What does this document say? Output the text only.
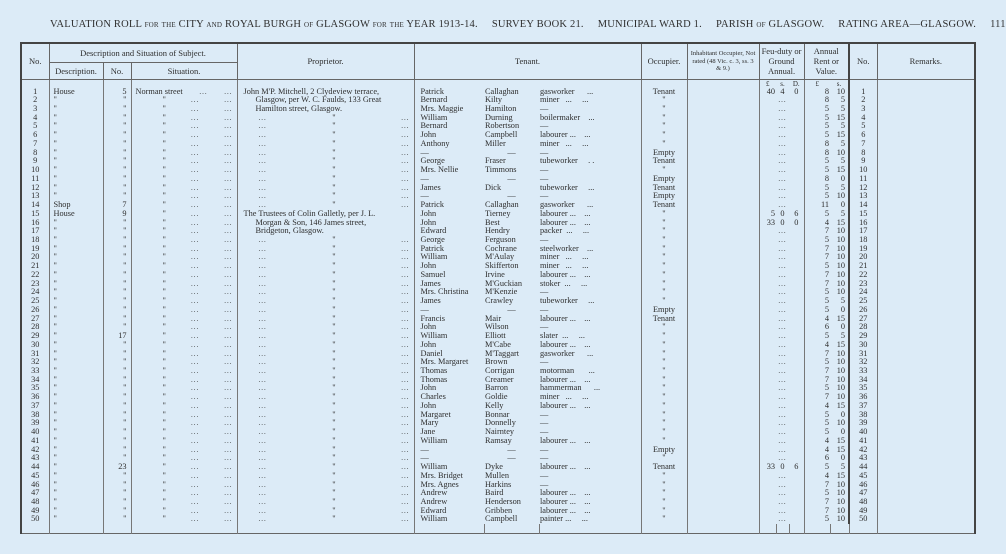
VALUATION ROLL for the CITY and ROYAL BURGH of GLASGOW for the YEAR 1913-14. SURVEY BOOK 21. MUNICIPAL WARD 1. PARISH of GLASGOW. RATING AREA—GLASGOW. 111
No.	Description and Situation of Subject.			Proprietor.	Tenant.			Occupier.	Inhabitant Occupier, Not rated (48 Vic. c. 3, ss. 3 & 9.)	Feu-duty or Ground Annual.			Annual Rent or Value.		No.	Remarks.
	Description.	No.	Situation.													
										£	s.	D.	£	s.		
1	House	5	Norman street ... ...	John M'P. Mitchell, 2 Clydeview terrace,	Patrick	Callaghan	gasworker      ...	Tenant		40	4	0	8	10	1	
2	"	"	" ... ...	Glasgow, per W. C. Faulds, 133 Great	Bernard	Kilty	miner   ...     ...	"			...		8	5	2	
3	"	"	" ... ...	Hamilton street, Glasgow.	Mrs. Maggie	Hamilton	—	"			...		5	5	3	
4	"	"	" ... ...	... " ...	William	Durning	boilermaker    ...	"			...		5	15	4	
5	"	"	" ... ...	... " ...	Bernard	Robertson	—	"			...		5	5	5	
6	"	"	" ... ...	... " ...	John	Campbell	labourer ...    ...	"			...		5	15	6	
7	"	"	" ... ...	... " ...	Anthony	Miller	miner   ...     ...	"			...		8	5	7	
8	"	"	" ... ...	... " ...	—	—	—	Empty			...		8	10	8	
9	"	"	" ... ...	... " ...	George	Fraser	tubeworker     . .	Tenant			...		5	5	9	
10	"	"	" ... ...	... " ...	Mrs. Nellie	Timmons	—	"			...		5	15	10	
11	"	"	" ... ...	... " ...	—	—	—	Empty			...		8	0	11	
12	"	"	" ... ...	... " ...	James	Dick	tubeworker     ...	Tenant			...		5	5	12	
13	"	"	" ... ...	... " ...	—	—	—	Empty			...		5	10	13	
14	Shop	7	" ... ...	... " ...	Patrick	Callaghan	gasworker      ...	Tenant			...		11	0	14	
15	House	9	" ... ...	The Trustees of Colin Galletly, per J. L.	John	Tierney	labourer ...    ...	"		5	0	6	5	5	15	
16	"	"	" ... ...	Morgan & Son, 146 James street,	John	Best	labourer ...    ...	"		33	0	0	4	15	16	
17	"	"	" ... ...	Bridgeton, Glasgow.	Edward	Hendry	packer  ...     ...	"			...		7	10	17	
18	"	"	" ... ...	... " ...	George	Ferguson	—	"			...		5	10	18	
19	"	"	" ... ...	... " ...	Patrick	Cochrane	steelworker    ...	"			...		7	10	19	
20	"	"	" ... ...	... " ...	William	M'Aulay	miner   ...     ...	"			...		7	10	20	
21	"	"	" ... ...	... " ...	John	Skifferton	miner   ...     ...	"			...		5	10	21	
22	"	"	" ... ...	... " ...	Samuel	Irvine	labourer ...    ...	"			...		7	10	22	
23	"	"	" ... ...	... " ...	James	M'Guckian	stoker  ...     ...	"			...		7	10	23	
24	"	"	" ... ...	... " ...	Mrs. Christina	M'Kenzie	—	"			...		5	10	24	
25	"	"	" ... ...	... " ...	James	Crawley	tubeworker     ...	"			...		5	5	25	
26	"	"	" ... ...	... " ...	—	—	—	Empty			...		5	0	26	
27	"	"	" ... ...	... " ...	Francis	Mair	labourer ...    ...	Tenant			...		4	15	27	
28	"	"	" ... ...	... " ...	John	Wilson	—	"			...		6	0	28	
29	"	17	" ... ...	... " ...	William	Elliott	slater  ...     ...	"			...		5	5	29	
30	"	"	" ... ...	... " ...	John	M'Cabe	labourer ...    ...	"			...		4	15	30	
31	"	"	" ... ...	... " ...	Daniel	M'Taggart	gasworker      ...	"			...		7	10	31	
32	"	"	" ... ...	... " ...	Mrs. Margaret	Brown	—	"			...		5	10	32	
33	"	"	" ... ...	... " ...	Thomas	Corrigan	motorman       ...	"			...		7	10	33	
34	"	"	" ... ...	... " ...	Thomas	Creamer	labourer ...    ...	"			...		7	10	34	
35	"	"	" ... ...	... " ...	John	Barron	hammerman      ...	"			...		5	10	35	
36	"	"	" ... ...	... " ...	Charles	Goldie	miner   ...     ...	"			...		7	10	36	
37	"	"	" ... ...	... " ...	John	Kelly	labourer ...    ...	"			...		4	15	37	
38	"	"	" ... ...	... " ...	Margaret	Bonnar	—	"			...		5	0	38	
39	"	"	" ... ...	... " ...	Mary	Donnelly	—	"			...		5	10	39	
40	"	"	" ... ...	... " ...	Jane	Nairntey	—	"			...		5	0	40	
41	"	"	" ... ...	... " ...	William	Ramsay	labourer ...    ...	"			...		4	15	41	
42	"	"	" ... ...	... " ...	—	—	—	Empty			...		4	15	42	
43	"	"	" ... ...	... " ...	—	—	—	"			...		6	0	43	
44	"	23	" ... ...	... " ...	William	Dyke	labourer ...    ...	Tenant		33	0	6	5	5	44	
45	"	"	" ... ...	... " ...	Mrs. Bridget	Mullen	—	"			...		4	15	45	
46	"	"	" ... ...	... " ...	Mrs. Agnes	Harkins	—	"			...		7	10	46	
47	"	"	" ... ...	... " ...	Andrew	Baird	labourer ...    ...	"			...		5	10	47	
48	"	"	" ... ...	... " ...	Andrew	Henderson	labourer ...    ...	"			...		7	10	48	
49	"	"	" ... ...	... " ...	Edward	Gribben	labourer ...    ...	"			...		7	10	49	
50	"	"	" ... ...	... " ...	William	Campbell	painter ...     ...	"			...		5	10	50	
